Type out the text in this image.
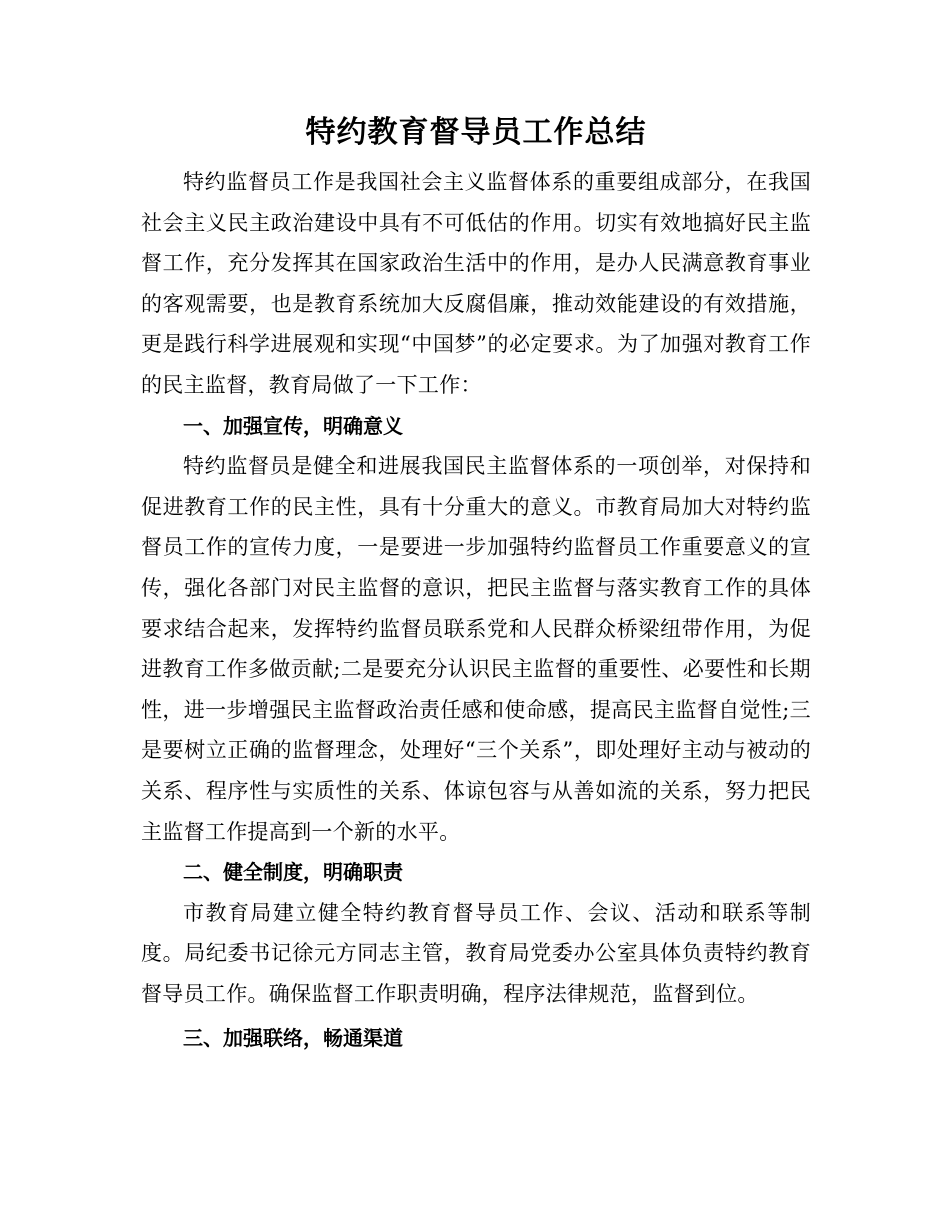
特约教育督导员工作总结

特约监督员工作是我国社会主义监督体系的重要组成部分，在我国社会主义民主政治建设中具有不可低估的作用。切实有效地搞好民主监督工作，充分发挥其在国家政治生活中的作用，是办人民满意教育事业的客观需要，也是教育系统加大反腐倡廉，推动效能建设的有效措施，更是践行科学进展观和实现“中国梦”的必定要求。为了加强对教育工作的民主监督，教育局做了一下工作：

一、加强宣传，明确意义

特约监督员是健全和进展我国民主监督体系的一项创举，对保持和促进教育工作的民主性，具有十分重大的意义。市教育局加大对特约监督员工作的宣传力度，一是要进一步加强特约监督员工作重要意义的宣传，强化各部门对民主监督的意识，把民主监督与落实教育工作的具体要求结合起来，发挥特约监督员联系党和人民群众桥梁纽带作用，为促进教育工作多做贡献;二是要充分认识民主监督的重要性、必要性和长期性，进一步增强民主监督政治责任感和使命感，提高民主监督自觉性;三是要树立正确的监督理念，处理好“三个关系”，即处理好主动与被动的关系、程序性与实质性的关系、体谅包容与从善如流的关系，努力把民主监督工作提高到一个新的水平。

二、健全制度，明确职责

市教育局建立健全特约教育督导员工作、会议、活动和联系等制度。局纪委书记徐元方同志主管，教育局党委办公室具体负责特约教育督导员工作。确保监督工作职责明确，程序法律规范，监督到位。

三、加强联络，畅通渠道
